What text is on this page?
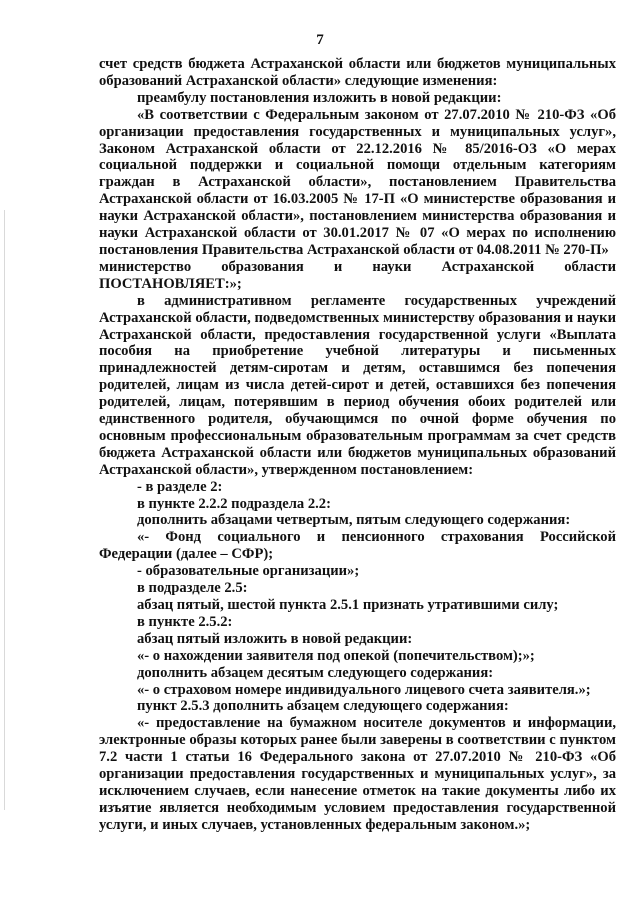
7

счет средств бюджета Астраханской области или бюджетов муниципальных образований Астраханской области» следующие изменения:

преамбулу постановления изложить в новой редакции:

«В соответствии с Федеральным законом от 27.07.2010 № 210-ФЗ «Об организации предоставления государственных и муниципальных услуг», Законом Астраханской области от 22.12.2016 № 85/2016-ОЗ «О мерах социальной поддержки и социальной помощи отдельным категориям граждан в Астраханской области», постановлением Правительства Астраханской области от 16.03.2005 № 17-П «О министерстве образования и науки Астраханской области», постановлением министерства образования и науки Астраханской области от 30.01.2017 № 07 «О мерах по исполнению постановления Правительства Астраханской области от 04.08.2011 № 270-П»

министерство образования и науки Астраханской области ПОСТАНОВЛЯЕТ:»;

в административном регламенте государственных учреждений Астраханской области, подведомственных министерству образования и науки Астраханской области, предоставления государственной услуги «Выплата пособия на приобретение учебной литературы и письменных принадлежностей детям-сиротам и детям, оставшимся без попечения родителей, лицам из числа детей-сирот и детей, оставшихся без попечения родителей, лицам, потерявшим в период обучения обоих родителей или единственного родителя, обучающимся по очной форме обучения по основным профессиональным образовательным программам за счет средств бюджета Астраханской области или бюджетов муниципальных образований Астраханской области», утвержденном постановлением:

- в разделе 2:

в пункте 2.2.2 подраздела 2.2:

дополнить абзацами четвертым, пятым следующего содержания:

«- Фонд социального и пенсионного страхования Российской Федерации (далее – СФР);

- образовательные организации»;

в подразделе 2.5:

абзац пятый, шестой пункта 2.5.1 признать утратившими силу;

в пункте 2.5.2:

абзац пятый изложить в новой редакции:

«- о нахождении заявителя под опекой (попечительством);»;

дополнить абзацем десятым следующего содержания:

«- о страховом номере индивидуального лицевого счета заявителя.»;

пункт 2.5.3 дополнить абзацем следующего содержания:

«- предоставление на бумажном носителе документов и информации, электронные образы которых ранее были заверены в соответствии с пунктом 7.2 части 1 статьи 16 Федерального закона от 27.07.2010 № 210-ФЗ «Об организации предоставления государственных и муниципальных услуг», за исключением случаев, если нанесение отметок на такие документы либо их изъятие является необходимым условием предоставления государственной услуги, и иных случаев, установленных федеральным законом.»;
